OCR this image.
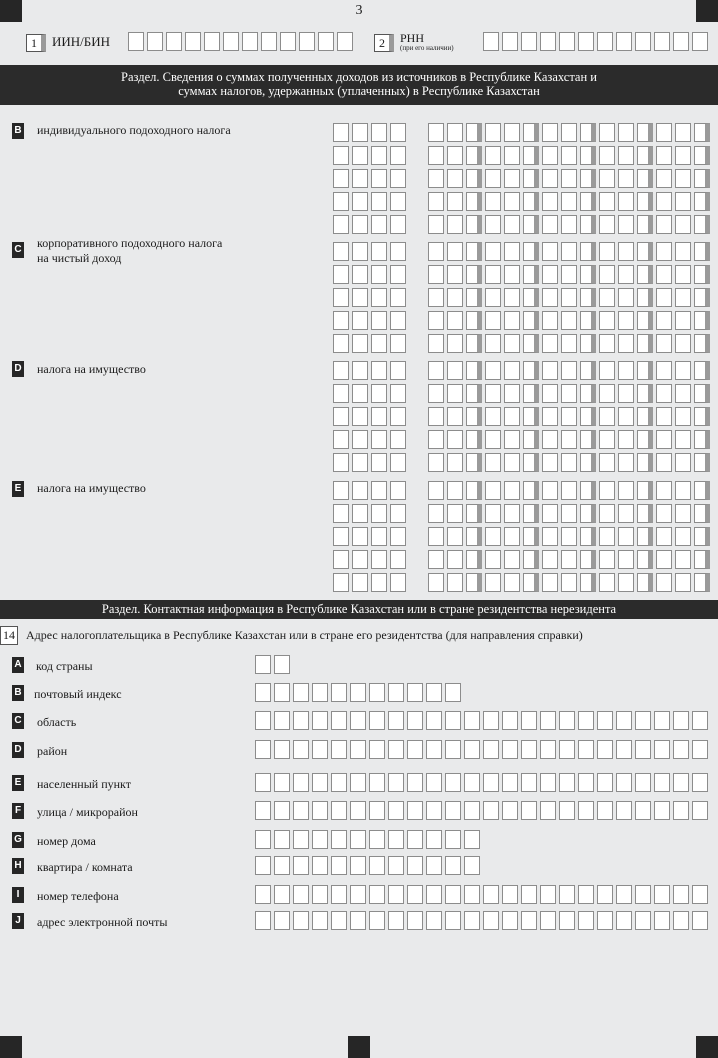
3
1	ИИН/БИН	2	РНН
(при его наличии)
Раздел. Сведения о суммах полученных доходов из источников в Республике Казахстан и
суммах налогов, удержанных (уплаченных) в Республике Казахстан
B индивидуального подоходного налога
C корпоративного подоходного налога
на чистый доход
D налога на имущество
E налога на имущество
Раздел. Контактная информация в Республике Казахстан или в стране резидентства нерезидента
14 Адрес налогоплательщика в Республике Казахстан или в стране его резидентства (для направления справки)
A код страны
B почтовый индекс
C область
D район
E населенный пункт
F улица / микрорайон
G номер дома
H квартира / комната
I	номер телефона
J адрес электронной почты
